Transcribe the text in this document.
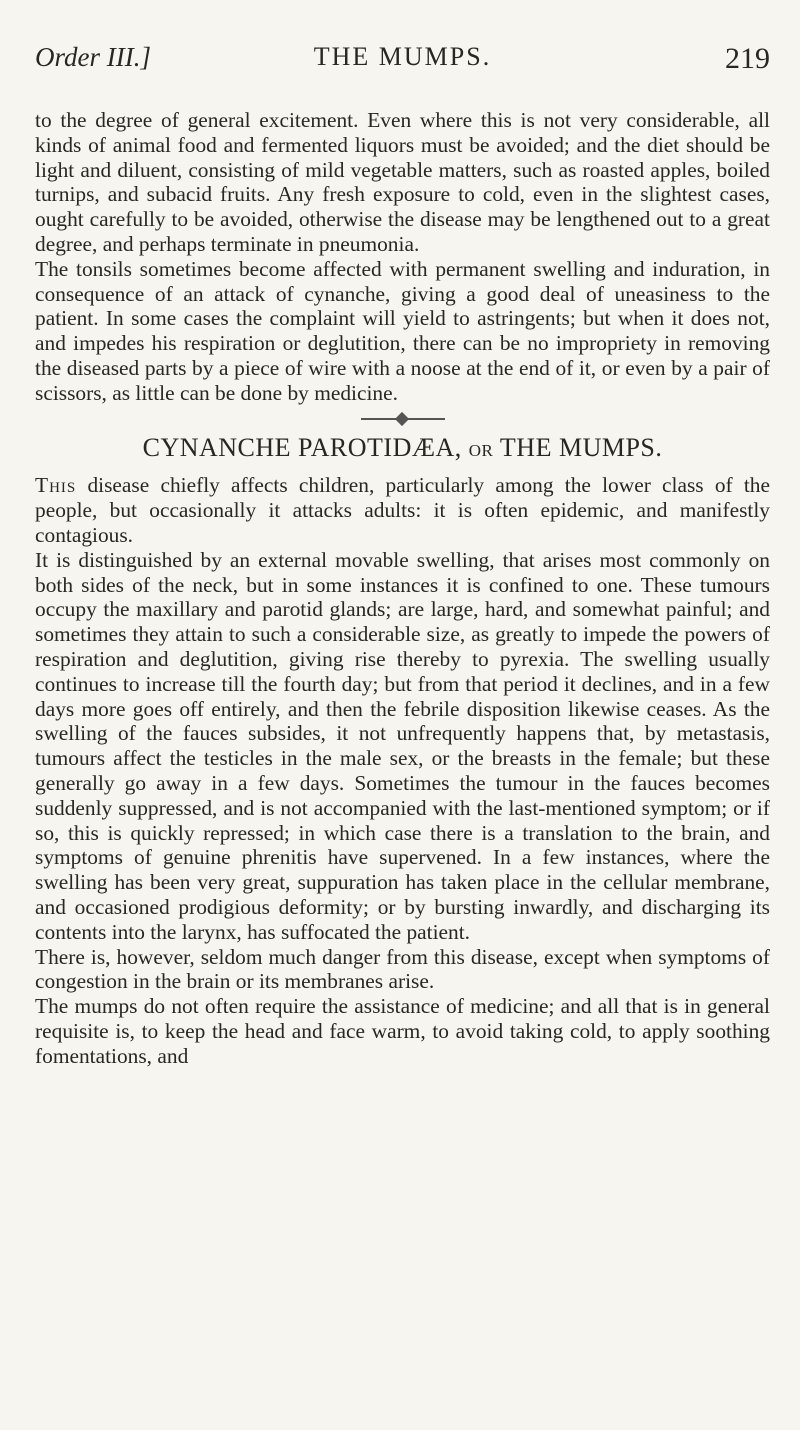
Order III.]	THE MUMPS.	219

to the degree of general excitement. Even where this is not very considerable, all kinds of animal food and fermented liquors must be avoided; and the diet should be light and diluent, consisting of mild vegetable matters, such as roasted apples, boiled turnips, and subacid fruits. Any fresh exposure to cold, even in the slightest cases, ought carefully to be avoided, otherwise the disease may be lengthened out to a great degree, and perhaps terminate in pneumonia.

The tonsils sometimes become affected with permanent swelling and induration, in consequence of an attack of cynanche, giving a good deal of uneasiness to the patient. In some cases the complaint will yield to astringents; but when it does not, and impedes his respiration or deglutition, there can be no impropriety in removing the diseased parts by a piece of wire with a noose at the end of it, or even by a pair of scissors, as little can be done by medicine.

CYNANCHE PAROTIDÆA, OR THE MUMPS.

This disease chiefly affects children, particularly among the lower class of the people, but occasionally it attacks adults: it is often epidemic, and manifestly contagious.

It is distinguished by an external movable swelling, that arises most commonly on both sides of the neck, but in some instances it is confined to one. These tumours occupy the maxillary and parotid glands; are large, hard, and somewhat painful; and sometimes they attain to such a considerable size, as greatly to impede the powers of respiration and deglutition, giving rise thereby to pyrexia. The swelling usually continues to increase till the fourth day; but from that period it declines, and in a few days more goes off entirely, and then the febrile disposition likewise ceases. As the swelling of the fauces subsides, it not unfrequently happens that, by metastasis, tumours affect the testicles in the male sex, or the breasts in the female; but these generally go away in a few days. Sometimes the tumour in the fauces becomes suddenly suppressed, and is not accompanied with the last-mentioned symptom; or if so, this is quickly repressed; in which case there is a translation to the brain, and symptoms of genuine phrenitis have supervened. In a few instances, where the swelling has been very great, suppuration has taken place in the cellular membrane, and occasioned prodigious deformity; or by bursting inwardly, and discharging its contents into the larynx, has suffocated the patient.

There is, however, seldom much danger from this disease, except when symptoms of congestion in the brain or its membranes arise.

The mumps do not often require the assistance of medicine; and all that is in general requisite is, to keep the head and face warm, to avoid taking cold, to apply soothing fomentations, and
